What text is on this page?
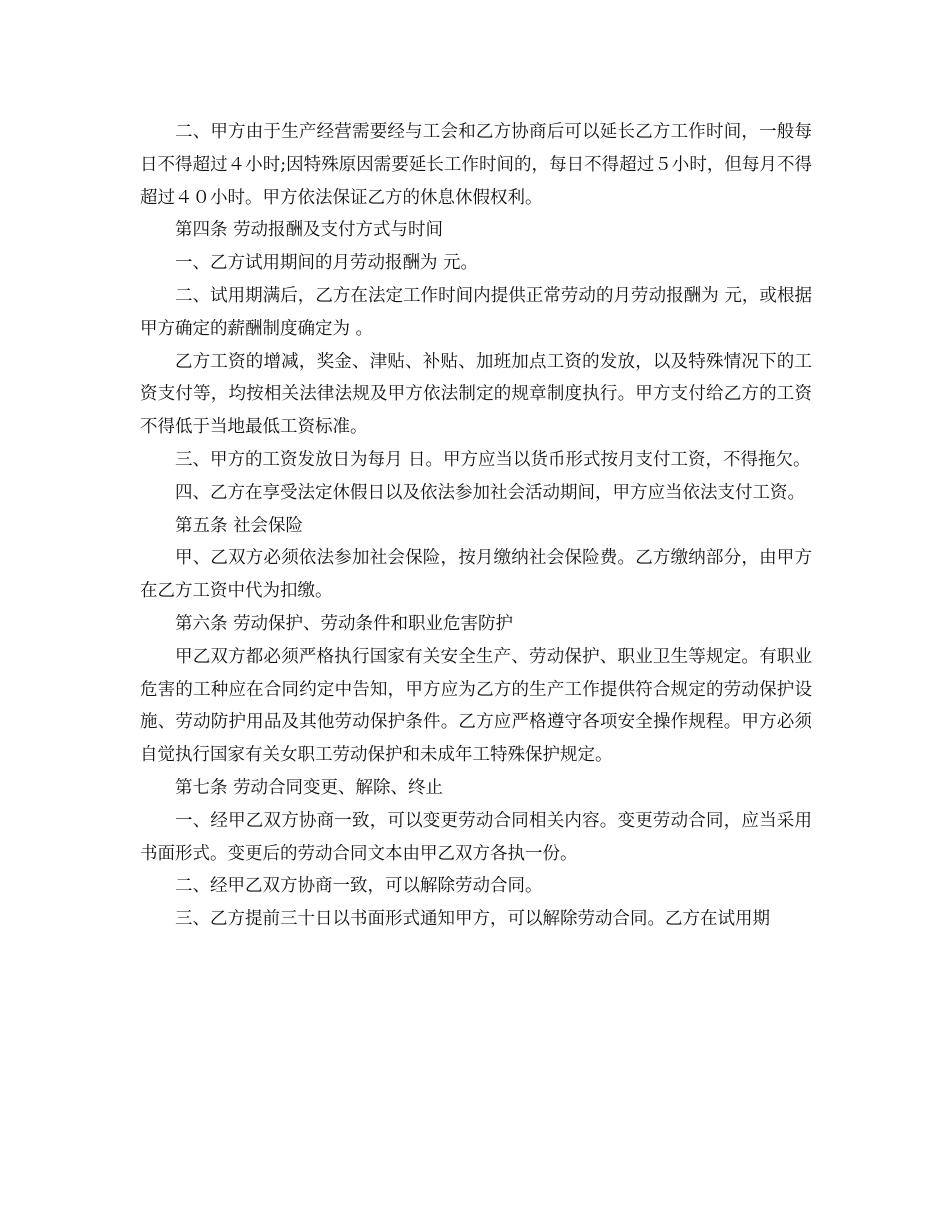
二、甲方由于生产经营需要经与工会和乙方协商后可以延长乙方工作时间，一般每日不得超过４小时;因特殊原因需要延长工作时间的，每日不得超过５小时，但每月不得超过４０小时。甲方依法保证乙方的休息休假权利。

第四条 劳动报酬及支付方式与时间

一、乙方试用期间的月劳动报酬为 元。

二、试用期满后，乙方在法定工作时间内提供正常劳动的月劳动报酬为 元，或根据甲方确定的薪酬制度确定为 。

乙方工资的增减，奖金、津贴、补贴、加班加点工资的发放，以及特殊情况下的工资支付等，均按相关法律法规及甲方依法制定的规章制度执行。甲方支付给乙方的工资不得低于当地最低工资标准。

三、甲方的工资发放日为每月 日。甲方应当以货币形式按月支付工资，不得拖欠。

四、乙方在享受法定休假日以及依法参加社会活动期间，甲方应当依法支付工资。

第五条 社会保险

甲、乙双方必须依法参加社会保险，按月缴纳社会保险费。乙方缴纳部分，由甲方在乙方工资中代为扣缴。

第六条 劳动保护、劳动条件和职业危害防护

甲乙双方都必须严格执行国家有关安全生产、劳动保护、职业卫生等规定。有职业危害的工种应在合同约定中告知，甲方应为乙方的生产工作提供符合规定的劳动保护设施、劳动防护用品及其他劳动保护条件。乙方应严格遵守各项安全操作规程。甲方必须自觉执行国家有关女职工劳动保护和未成年工特殊保护规定。

第七条 劳动合同变更、解除、终止

一、经甲乙双方协商一致，可以变更劳动合同相关内容。变更劳动合同，应当采用书面形式。变更后的劳动合同文本由甲乙双方各执一份。

二、经甲乙双方协商一致，可以解除劳动合同。

三、乙方提前三十日以书面形式通知甲方，可以解除劳动合同。乙方在试用期
